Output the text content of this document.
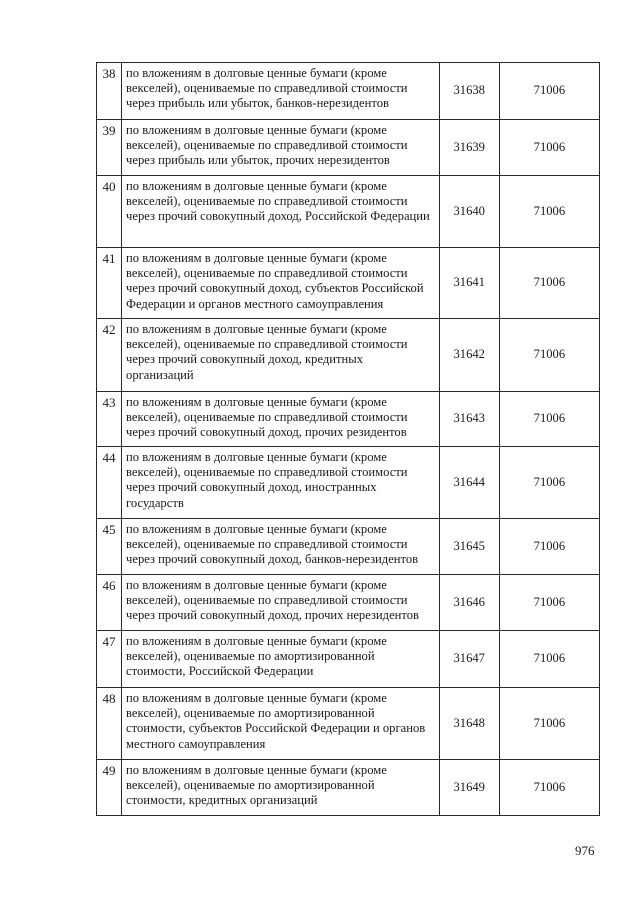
38	по вложениям в долговые ценные бумаги (кроме векселей), оцениваемые по справедливой стоимости через прибыль или убыток, банков-нерезидентов	31638	71006
39	по вложениям в долговые ценные бумаги (кроме векселей), оцениваемые по справедливой стоимости через прибыль или убыток, прочих нерезидентов	31639	71006
40	по вложениям в долговые ценные бумаги (кроме векселей), оцениваемые по справедливой стоимости через прочий совокупный доход, Российской Федерации	31640	71006
41	по вложениям в долговые ценные бумаги (кроме векселей), оцениваемые по справедливой стоимости через прочий совокупный доход, субъектов Российской Федерации и органов местного самоуправления	31641	71006
42	по вложениям в долговые ценные бумаги (кроме векселей), оцениваемые по справедливой стоимости через прочий совокупный доход, кредитных организаций	31642	71006
43	по вложениям в долговые ценные бумаги (кроме векселей), оцениваемые по справедливой стоимости через прочий совокупный доход, прочих резидентов	31643	71006
44	по вложениям в долговые ценные бумаги (кроме векселей), оцениваемые по справедливой стоимости через прочий совокупный доход, иностранных государств	31644	71006
45	по вложениям в долговые ценные бумаги (кроме векселей), оцениваемые по справедливой стоимости через прочий совокупный доход, банков-нерезидентов	31645	71006
46	по вложениям в долговые ценные бумаги (кроме векселей), оцениваемые по справедливой стоимости через прочий совокупный доход, прочих нерезидентов	31646	71006
47	по вложениям в долговые ценные бумаги (кроме векселей), оцениваемые по амортизированной стоимости, Российской Федерации	31647	71006
48	по вложениям в долговые ценные бумаги (кроме векселей), оцениваемые по амортизированной стоимости, субъектов Российской Федерации и органов местного самоуправления	31648	71006
49	по вложениям в долговые ценные бумаги (кроме векселей), оцениваемые по амортизированной стоимости, кредитных организаций	31649	71006
976
